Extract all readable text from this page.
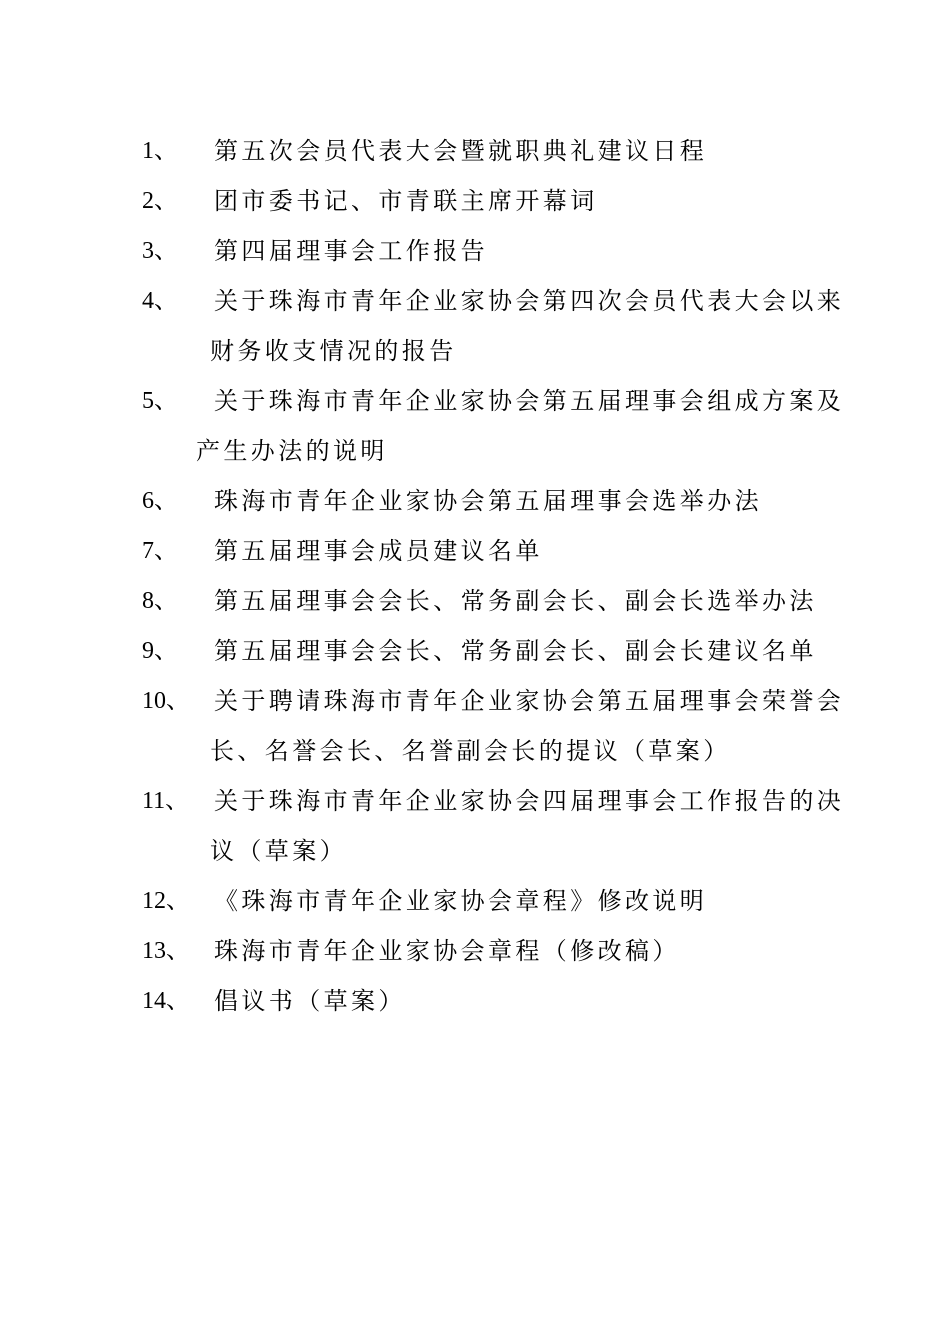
1、	第五次会员代表大会暨就职典礼建议日程
2、	团市委书记、市青联主席开幕词
3、	第四届理事会工作报告
4、	关于珠海市青年企业家协会第四次会员代表大会以来
财务收支情况的报告
5、	关于珠海市青年企业家协会第五届理事会组成方案及
产生办法的说明
6、	珠海市青年企业家协会第五届理事会选举办法
7、	第五届理事会成员建议名单
8、	第五届理事会会长、常务副会长、副会长选举办法
9、	第五届理事会会长、常务副会长、副会长建议名单
10、	关于聘请珠海市青年企业家协会第五届理事会荣誉会
长、名誉会长、名誉副会长的提议（草案）
11、	关于珠海市青年企业家协会四届理事会工作报告的决
议（草案）
12、	《珠海市青年企业家协会章程》修改说明
13、	珠海市青年企业家协会章程（修改稿）
14、	倡议书（草案）
